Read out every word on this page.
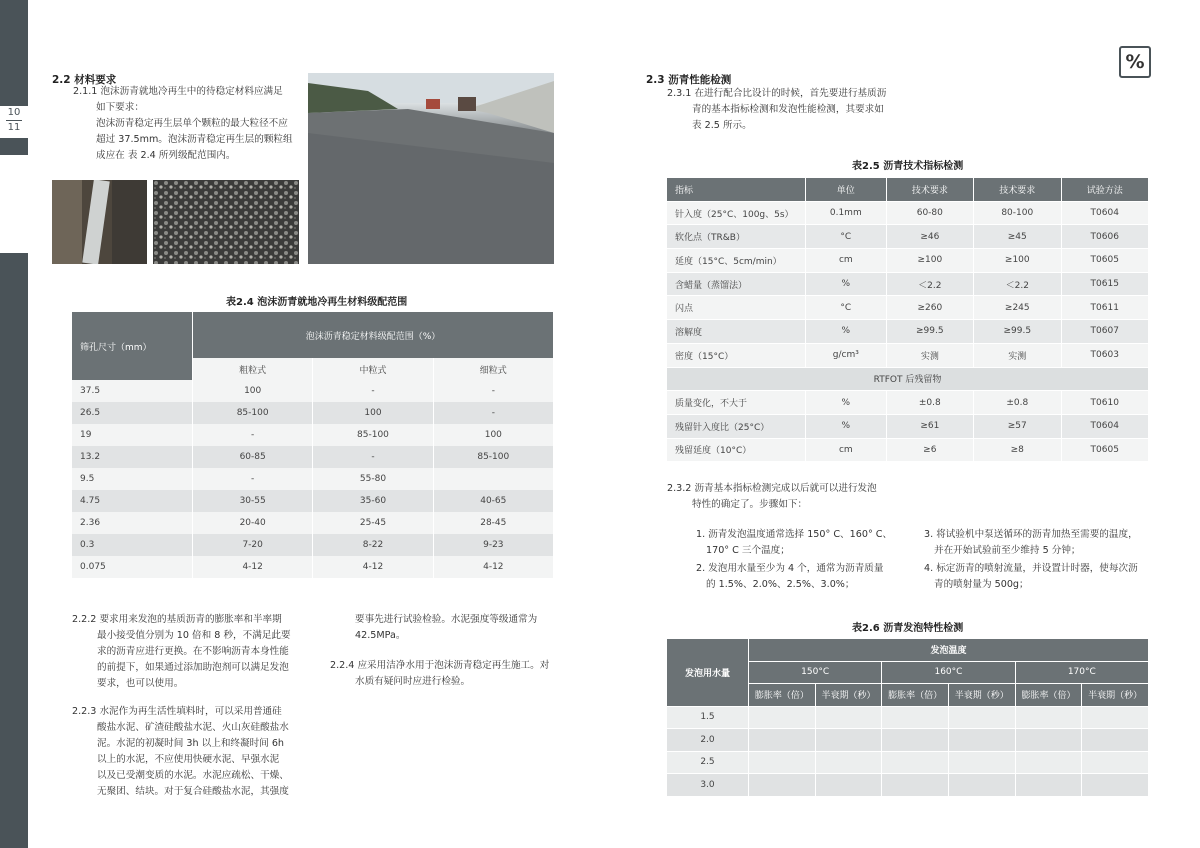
10
11
%
2.2 材料要求
2.1.1 泡沫沥青就地冷再生中的待稳定材料应满足
如下要求：
泡沫沥青稳定再生层单个颗粒的最大粒径不应
超过 37.5mm。泡沫沥青稳定再生层的颗粒组
成应在 表 2.4 所列级配范围内。
表2.4 泡沫沥青就地冷再生材料级配范围
筛孔尺寸（mm）	泡沫沥青稳定材料级配范围（%）		
	粗粒式	中粒式	细粒式
37.5	100	-	-
26.5	85-100	100	-
19	-	85-100	100
13.2	60-85	-	85-100
9.5	-	55-80	
4.75	30-55	35-60	40-65
2.36	20-40	25-45	28-45
0.3	7-20	8-22	9-23
0.075	4-12	4-12	4-12
2.2.2 要求用来发泡的基质沥青的膨胀率和半率期
最小接受值分别为 10 倍和 8 秒，不满足此要
求的沥青应进行更换。在不影响沥青本身性能
的前提下，如果通过添加助泡剂可以满足发泡
要求，也可以使用。
2.2.3 水泥作为再生活性填料时，可以采用普通硅
酸盐水泥、矿渣硅酸盐水泥、火山灰硅酸盐水
泥。水泥的初凝时间 3h 以上和终凝时间 6h
以上的水泥，不应使用快硬水泥、早强水泥
以及已受潮变质的水泥。水泥应疏松、干燥、
无聚团、结块。对于复合硅酸盐水泥，其强度
要事先进行试验检验。水泥强度等级通常为
42.5MPa。
2.2.4 应采用洁净水用于泡沫沥青稳定再生施工。对
水质有疑问时应进行检验。
2.3 沥青性能检测
2.3.1 在进行配合比设计的时候，首先要进行基质沥
青的基本指标检测和发泡性能检测，其要求如
表 2.5 所示。
表2.5 沥青技术指标检测
指标	单位	技术要求	技术要求	试验方法
针入度（25°C、100g、5s）	0.1mm	60-80	80-100	T0604
软化点（TR&B）	°C	≥46	≥45	T0606
延度（15°C、5cm/min）	cm	≥100	≥100	T0605
含蜡量（蒸馏法）	%	＜2.2	＜2.2	T0615
闪点	°C	≥260	≥245	T0611
溶解度	%	≥99.5	≥99.5	T0607
密度（15°C）	g/cm³	实测	实测	T0603
RTFOT 后残留物				
质量变化，不大于	%	±0.8	±0.8	T0610
残留针入度比（25°C）	%	≥61	≥57	T0604
残留延度（10°C）	cm	≥6	≥8	T0605
2.3.2 沥青基本指标检测完成以后就可以进行发泡
特性的确定了。步骤如下：
1. 沥青发泡温度通常选择 150° C、160° C、
170° C 三个温度；
2. 发泡用水量至少为 4 个，通常为沥青质量
的 1.5%、2.0%、2.5%、3.0%；
3. 将试验机中泵送循环的沥青加热至需要的温度，
并在开始试验前至少维持 5 分钟；
4. 标定沥青的喷射流量，并设置计时器，使每次沥
青的喷射量为 500g；
表2.6 沥青发泡特性检测
发泡用水量	发泡温度					
	150°C		160°C		170°C	
	膨胀率（倍）	半衰期（秒）	膨胀率（倍）	半衰期（秒）	膨胀率（倍）	半衰期（秒）
1.5						
2.0						
2.5						
3.0						
